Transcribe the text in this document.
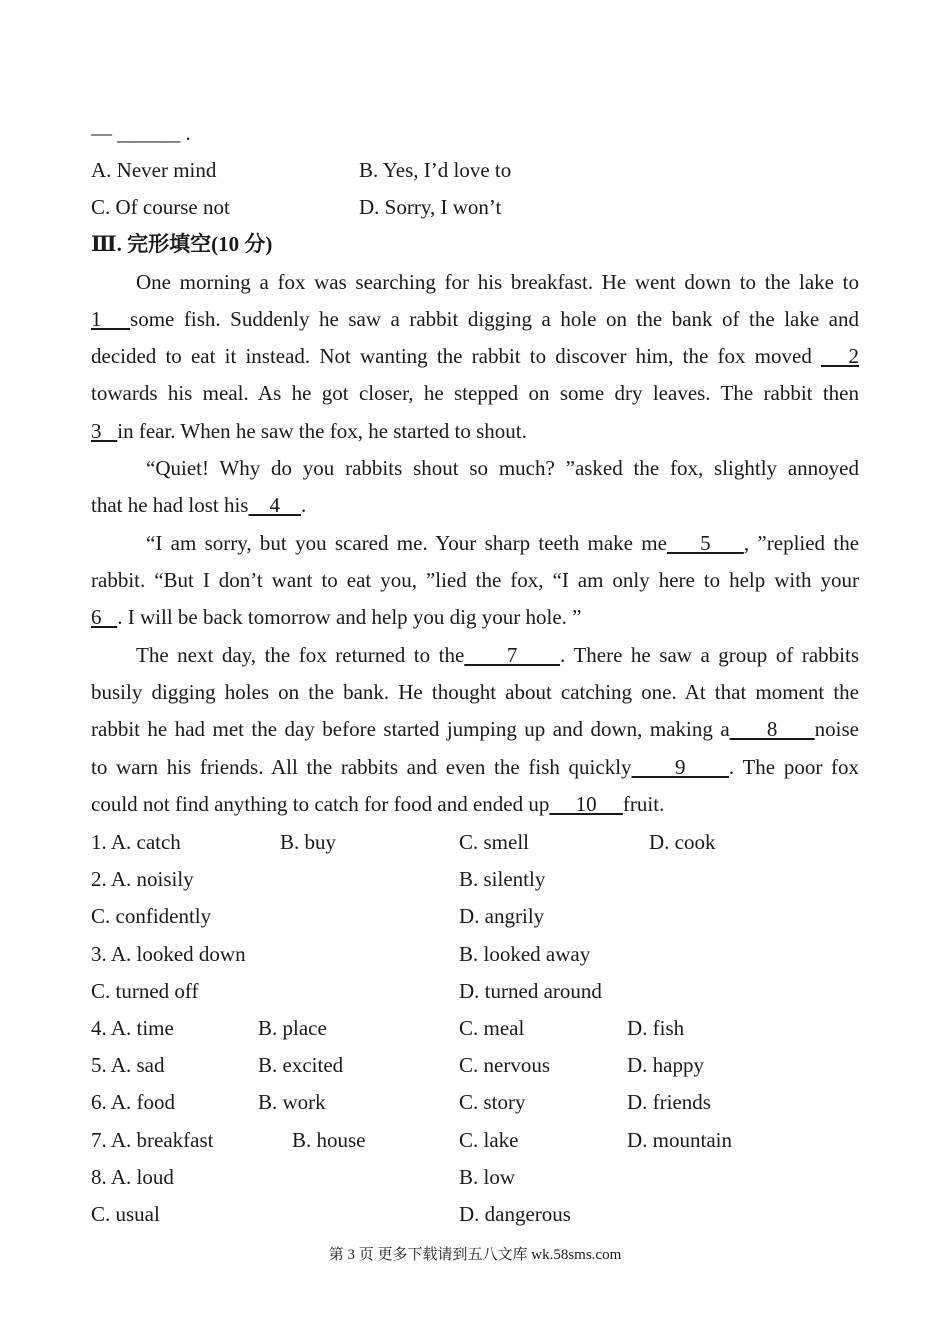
— ______ .
A. Never mind	B. Yes, I’d love to
C. Of course not	D. Sorry, I won’t
Ⅲ. 完形填空(10 分)
One morning a fox was searching for his breakfast. He went down to the lake to
1   some fish. Suddenly he saw a rabbit digging a hole on the bank of the lake and
decided to eat it instead. Not wanting the rabbit to discover him, the fox moved    2
towards his meal. As he got closer, he stepped on some dry leaves. The rabbit then
3   in fear. When he saw the fox, he started to shout.
“Quiet! Why do you rabbits shout so much? ”asked the fox, slightly annoyed
that he had lost his    4    .
“I am sorry, but you scared me. Your sharp teeth make me    5    , ”replied the
rabbit. “But I don’t want to eat you, ”lied the fox, “I am only here to help with your
6   . I will be back tomorrow and help you dig your hole. ”
The next day, the fox returned to the     7     . There he saw a group of rabbits
busily digging holes on the bank. He thought about catching one. At that moment the
rabbit he had met the day before started jumping up and down, making a     8     noise
to warn his friends. All the rabbits and even the fish quickly     9     . The poor fox
could not find anything to catch for food and ended up     10     fruit.
1. A. catch	B. buy	C. smell	D. cook
2. A. noisily	B. silently
C. confidently	D. angrily
3. A. looked down	B. looked away
C. turned off	D. turned around
4. A. time	B. place	C. meal	D. fish
5. A. sad	B. excited	C. nervous	D. happy
6. A. food	B. work	C. story	D. friends
7. A. breakfast	B. house	C. lake	D. mountain
8. A. loud	B. low
C. usual	D. dangerous
第 3 页 更多下载请到五八文库 wk.58sms.com
